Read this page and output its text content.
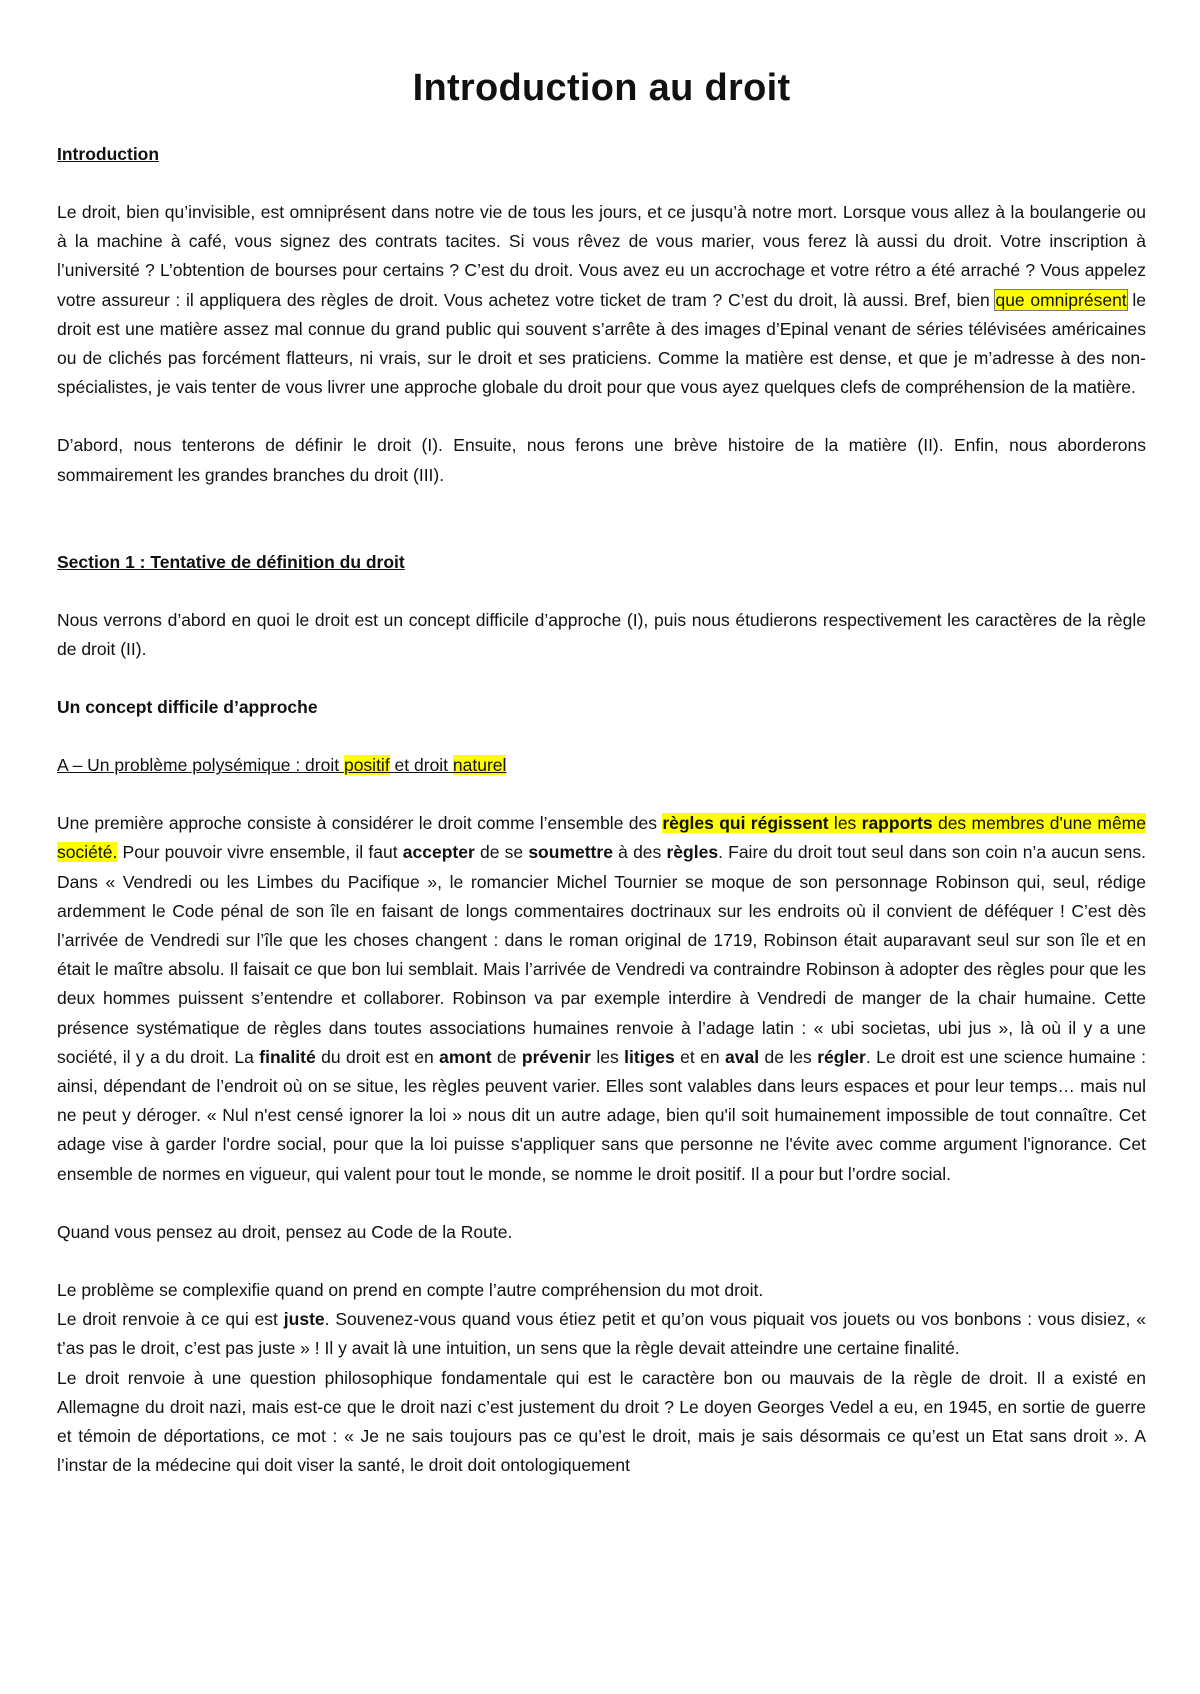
Introduction au droit
Introduction

Le droit, bien qu’invisible, est omniprésent dans notre vie de tous les jours, et ce jusqu’à notre mort. Lorsque vous allez à la boulangerie ou à la machine à café, vous signez des contrats tacites. Si vous rêvez de vous marier, vous ferez là aussi du droit. Votre inscription à l’université ? L’obtention de bourses pour certains ? C’est du droit. Vous avez eu un accrochage et votre rétro a été arraché ? Vous appelez votre assureur : il appliquera des règles de droit. Vous achetez votre ticket de tram ? C’est du droit, là aussi. Bref, bien que omniprésent le droit est une matière assez mal connue du grand public qui souvent s’arrête à des images d’Epinal venant de séries télévisées américaines ou de clichés pas forcément flatteurs, ni vrais, sur le droit et ses praticiens. Comme la matière est dense, et que je m’adresse à des non-spécialistes, je vais tenter de vous livrer une approche globale du droit pour que vous ayez quelques clefs de compréhension de la matière.

D’abord, nous tenterons de définir le droit (I). Ensuite, nous ferons une brève histoire de la matière (II). Enfin, nous aborderons sommairement les grandes branches du droit (III).

Section 1 : Tentative de définition du droit

Nous verrons d’abord en quoi le droit est un concept difficile d’approche (I), puis nous étudierons respectivement les caractères de la règle de droit (II).

Un concept difficile d’approche
A – Un problème polysémique : droit positif et droit naturel

Une première approche consiste à considérer le droit comme l’ensemble des règles qui régissent les rapports des membres d'une même société. Pour pouvoir vivre ensemble, il faut accepter de se soumettre à des règles. Faire du droit tout seul dans son coin n’a aucun sens. Dans « Vendredi ou les Limbes du Pacifique », le romancier Michel Tournier se moque de son personnage Robinson qui, seul, rédige ardemment le Code pénal de son île en faisant de longs commentaires doctrinaux sur les endroits où il convient de déféquer ! C’est dès l’arrivée de Vendredi sur l’île que les choses changent : dans le roman original de 1719, Robinson était auparavant seul sur son île et en était le maître absolu. Il faisait ce que bon lui semblait. Mais l’arrivée de Vendredi va contraindre Robinson à adopter des règles pour que les deux hommes puissent s’entendre et collaborer. Robinson va par exemple interdire à Vendredi de manger de la chair humaine. Cette présence systématique de règles dans toutes associations humaines renvoie à l’adage latin : « ubi societas, ubi jus », là où il y a une société, il y a du droit. La finalité du droit est en amont de prévenir les litiges et en aval de les régler. Le droit est une science humaine : ainsi, dépendant de l’endroit où on se situe, les règles peuvent varier. Elles sont valables dans leurs espaces et pour leur temps… mais nul ne peut y déroger. « Nul n'est censé ignorer la loi » nous dit un autre adage, bien qu'il soit humainement impossible de tout connaître. Cet adage vise à garder l'ordre social, pour que la loi puisse s'appliquer sans que personne ne l'évite avec comme argument l'ignorance. Cet ensemble de normes en vigueur, qui valent pour tout le monde, se nomme le droit positif. Il a pour but l’ordre social.

Quand vous pensez au droit, pensez au Code de la Route.

Le problème se complexifie quand on prend en compte l’autre compréhension du mot droit.

Le droit renvoie à ce qui est juste. Souvenez-vous quand vous étiez petit et qu’on vous piquait vos jouets ou vos bonbons : vous disiez, « t’as pas le droit, c’est pas juste » ! Il y avait là une intuition, un sens que la règle devait atteindre une certaine finalité.

Le droit renvoie à une question philosophique fondamentale qui est le caractère bon ou mauvais de la règle de droit. Il a existé en Allemagne du droit nazi, mais est-ce que le droit nazi c’est justement du droit ? Le doyen Georges Vedel a eu, en 1945, en sortie de guerre et témoin de déportations, ce mot : « Je ne sais toujours pas ce qu’est le droit, mais je sais désormais ce qu’est un Etat sans droit ». A l’instar de la médecine qui doit viser la santé, le droit doit ontologiquement
